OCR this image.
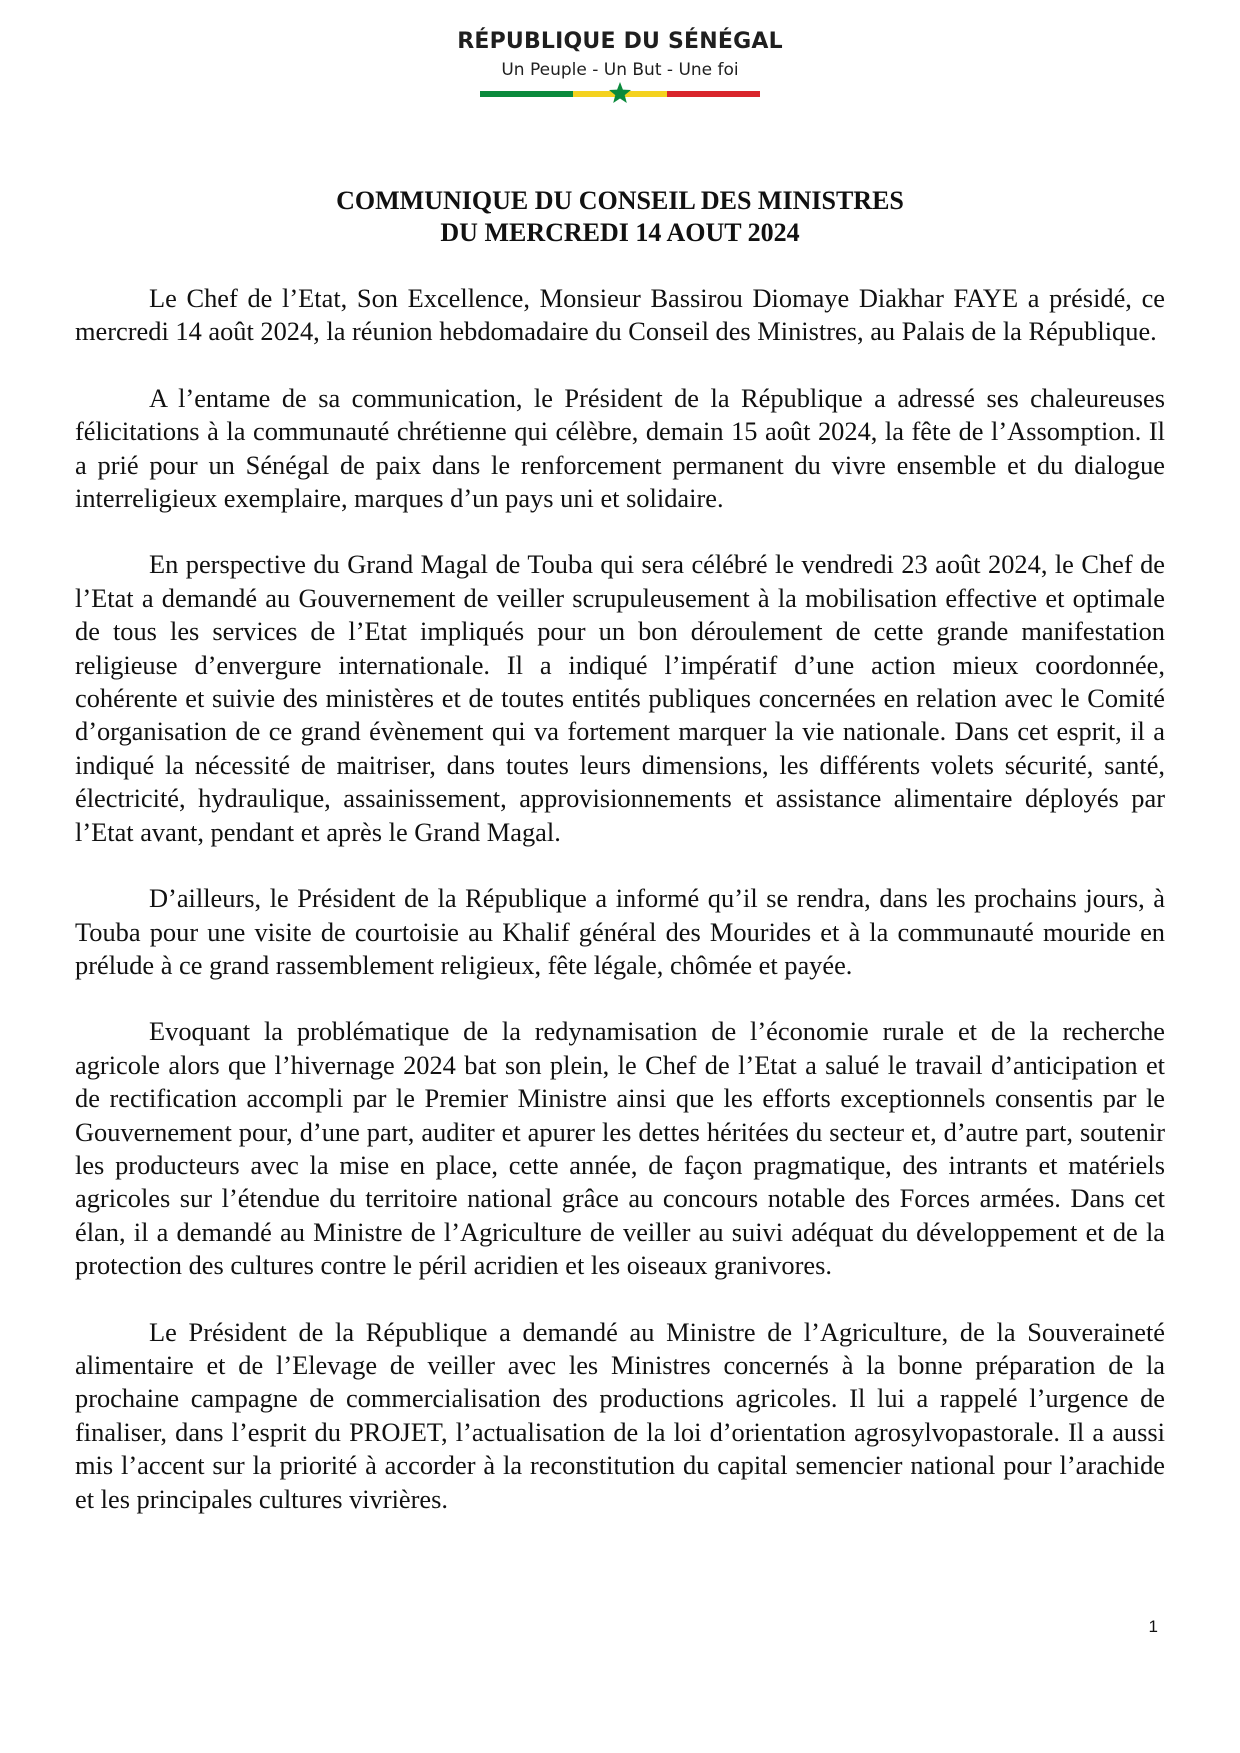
RÉPUBLIQUE DU SÉNÉGAL
Un Peuple - Un But - Une foi
COMMUNIQUE DU CONSEIL DES MINISTRES
DU MERCREDI 14 AOUT 2024

Le Chef de l’Etat, Son Excellence, Monsieur Bassirou Diomaye Diakhar FAYE a présidé, ce mercredi 14 août 2024, la réunion hebdomadaire du Conseil des Ministres, au Palais de la République.

A l’entame de sa communication, le Président de la République a adressé ses chaleureuses félicitations à la communauté chrétienne qui célèbre, demain 15 août 2024, la fête de l’Assomption. Il a prié pour un Sénégal de paix dans le renforcement permanent du vivre ensemble et du dialogue interreligieux exemplaire, marques d’un pays uni et solidaire.

En perspective du Grand Magal de Touba qui sera célébré le vendredi 23 août 2024, le Chef de l’Etat a demandé au Gouvernement de veiller scrupuleusement à la mobilisation effective et optimale de tous les services de l’Etat impliqués pour un bon déroulement de cette grande manifestation religieuse d’envergure internationale. Il a indiqué l’impératif d’une action mieux coordonnée, cohérente et suivie des ministères et de toutes entités publiques concernées en relation avec le Comité d’organisation de ce grand évènement qui va fortement marquer la vie nationale. Dans cet esprit, il a indiqué la nécessité de maitriser, dans toutes leurs dimensions, les différents volets sécurité, santé, électricité, hydraulique, assainissement, approvisionnements et assistance alimentaire déployés par l’Etat avant, pendant et après le Grand Magal.

D’ailleurs, le Président de la République a informé qu’il se rendra, dans les prochains jours, à Touba pour une visite de courtoisie au Khalif général des Mourides et à la communauté mouride en prélude à ce grand rassemblement religieux, fête légale, chômée et payée.

Evoquant la problématique de la redynamisation de l’économie rurale et de la recherche agricole alors que l’hivernage 2024 bat son plein, le Chef de l’Etat a salué le travail d’anticipation et de rectification accompli par le Premier Ministre ainsi que les efforts exceptionnels consentis par le Gouvernement pour, d’une part, auditer et apurer les dettes héritées du secteur et, d’autre part, soutenir les producteurs avec la mise en place, cette année, de façon pragmatique, des intrants et matériels agricoles sur l’étendue du territoire national grâce au concours notable des Forces armées. Dans cet élan, il a demandé au Ministre de l’Agriculture de veiller au suivi adéquat du développement et de la protection des cultures contre le péril acridien et les oiseaux granivores.

Le Président de la République a demandé au Ministre de l’Agriculture, de la Souveraineté alimentaire et de l’Elevage de veiller avec les Ministres concernés à la bonne préparation de la prochaine campagne de commercialisation des productions agricoles. Il lui a rappelé l’urgence de finaliser, dans l’esprit du PROJET, l’actualisation de la loi d’orientation agrosylvopastorale. Il a aussi mis l’accent sur la priorité à accorder à la reconstitution du capital semencier national pour l’arachide et les principales cultures vivrières.

1
